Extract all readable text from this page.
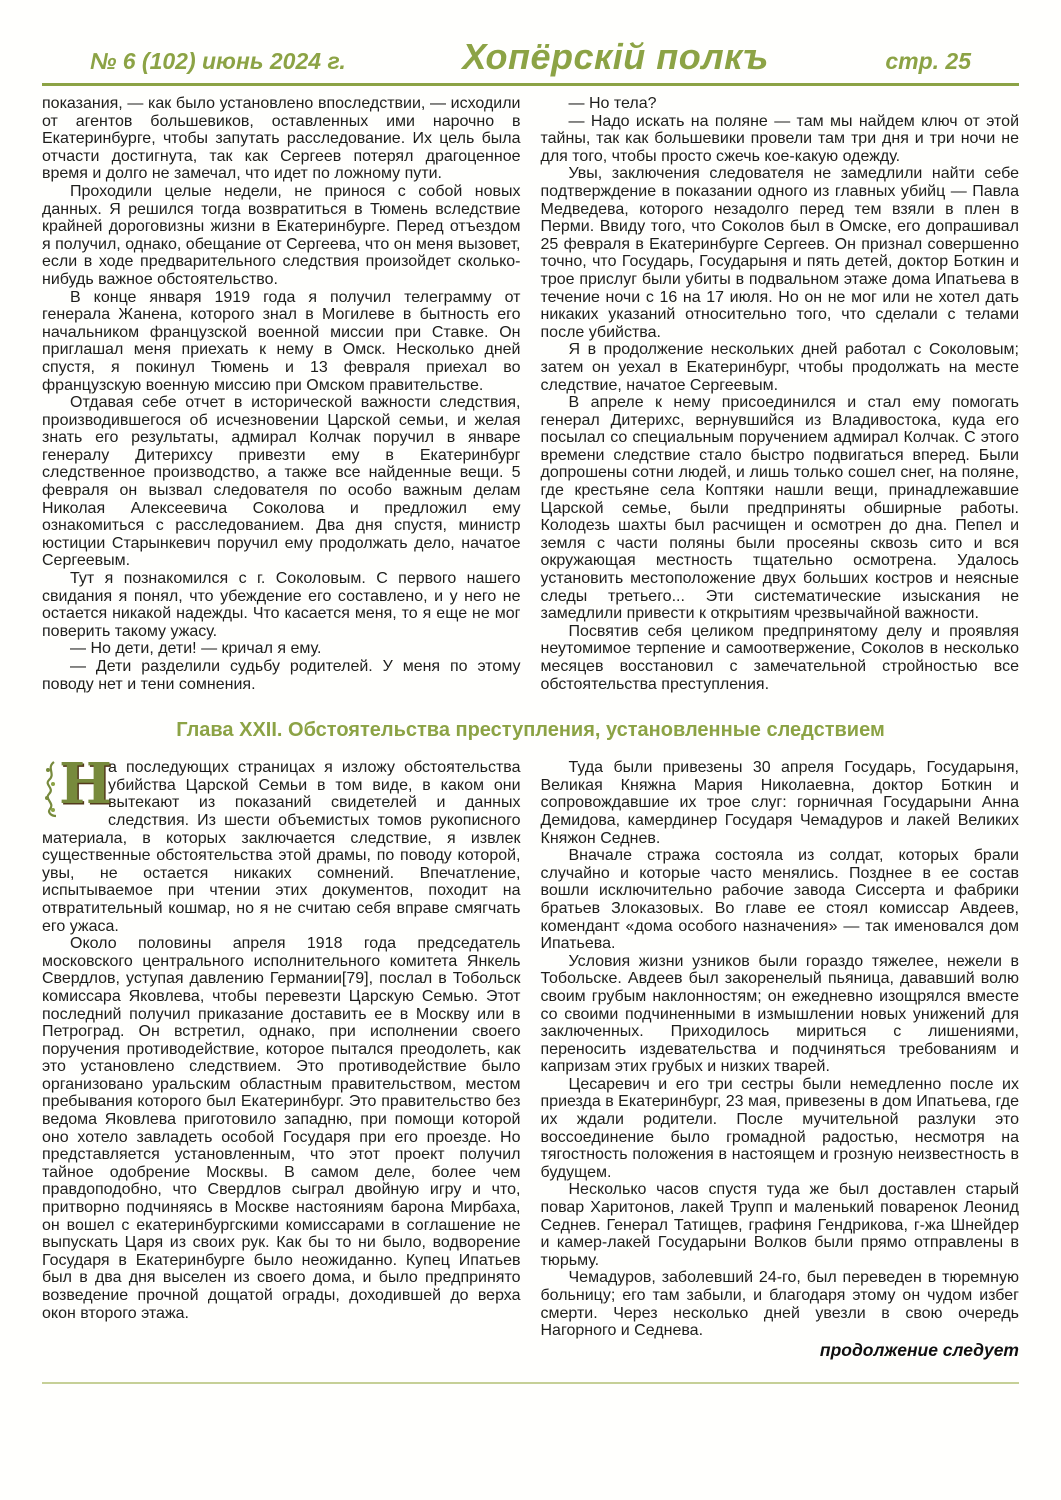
№ 6 (102) июнь 2024 г.	Хопёрскій полкъ	стр. 25

показания, — как было установлено впоследствии, — исходили от агентов большевиков, оставленных ими нарочно в Екатеринбурге, чтобы запутать расследование. Их цель была отчасти достигнута, так как Сергеев потерял драгоценное время и долго не замечал, что идет по ложному пути.

Проходили целые недели, не принося с собой новых данных. Я решился тогда возвратиться в Тюмень вследствие крайней дороговизны жизни в Екатеринбурге. Перед отъездом я получил, однако, обещание от Сергеева, что он меня вызовет, если в ходе предварительного следствия произойдет сколько-нибудь важное обстоятельство.

В конце января 1919 года я получил телеграмму от генерала Жанена, которого знал в Могилеве в бытность его начальником французской военной миссии при Ставке. Он приглашал меня приехать к нему в Омск. Несколько дней спустя, я покинул Тюмень и 13 февраля приехал во французскую военную миссию при Омском правительстве.

Отдавая себе отчет в исторической важности следствия, производившегося об исчезновении Царской семьи, и желая знать его результаты, адмирал Колчак поручил в январе генералу Дитерихсу привезти ему в Екатеринбург следственное производство, а также все найденные вещи. 5 февраля он вызвал следователя по особо важным делам Николая Алексеевича Соколова и предложил ему ознакомиться с расследованием. Два дня спустя, министр юстиции Старынкевич поручил ему продолжать дело, начатое Сергеевым.

Тут я познакомился с г. Соколовым. С первого нашего свидания я понял, что убеждение его составлено, и у него не остается никакой надежды. Что касается меня, то я еще не мог поверить такому ужасу.

— Но дети, дети! — кричал я ему.

— Дети разделили судьбу родителей. У меня по этому поводу нет и тени сомнения.

— Но тела?

— Надо искать на поляне — там мы найдем ключ от этой тайны, так как большевики провели там три дня и три ночи не для того, чтобы просто сжечь кое-какую одежду.

Увы, заключения следователя не замедлили найти себе подтверждение в показании одного из главных убийц — Павла Медведева, которого незадолго перед тем взяли в плен в Перми. Ввиду того, что Соколов был в Омске, его допрашивал 25 февраля в Екатеринбурге Сергеев. Он признал совершенно точно, что Государь, Государыня и пять детей, доктор Боткин и трое прислуг были убиты в подвальном этаже дома Ипатьева в течение ночи с 16 на 17 июля. Но он не мог или не хотел дать никаких указаний относительно того, что сделали с телами после убийства.

Я в продолжение нескольких дней работал с Соколовым; затем он уехал в Екатеринбург, чтобы продолжать на месте следствие, начатое Сергеевым.

В апреле к нему присоединился и стал ему помогать генерал Дитерихс, вернувшийся из Владивостока, куда его посылал со специальным поручением адмирал Колчак. С этого времени следствие стало быстро подвигаться вперед. Были допрошены сотни людей, и лишь только сошел снег, на поляне, где крестьяне села Коптяки нашли вещи, принадлежавшие Царской семье, были предприняты обширные работы. Колодезь шахты был расчищен и осмотрен до дна. Пепел и земля с части поляны были просеяны сквозь сито и вся окружающая местность тщательно осмотрена. Удалось установить местоположение двух больших костров и неясные следы третьего... Эти систематические изыскания не замедлили привести к открытиям чрезвычайной важности.

Посвятив себя целиком предпринятому делу и проявляя неутомимое терпение и самоотвержение, Соколов в несколько месяцев восстановил с замечательной стройностью все обстоятельства преступления.

Глава XXII. Обстоятельства преступления, установленные следствием

Н
а последующих страницах я изложу обстоятельства убийства Царской Семьи в том виде, в каком они вытекают из показаний свидетелей и данных следствия. Из шести объемистых томов рукописного материала, в которых заключается следствие, я извлек существенные обстоятельства этой драмы, по поводу которой, увы, не остается никаких сомнений. Впечатление, испытываемое при чтении этих документов, походит на отвратительный кошмар, но я не считаю себя вправе смягчать его ужаса.

Около половины апреля 1918 года председатель московского центрального исполнительного комитета Янкель Свердлов, уступая давлению Германии[79], послал в Тобольск комиссара Яковлева, чтобы перевезти Царскую Семью. Этот последний получил приказание доставить ее в Москву или в Петроград. Он встретил, однако, при исполнении своего поручения противодействие, которое пытался преодолеть, как это установлено следствием. Это противодействие было организовано уральским областным правительством, местом пребывания которого был Екатеринбург. Это правительство без ведома Яковлева приготовило западню, при помощи которой оно хотело завладеть особой Государя при его проезде. Но представляется установленным, что этот проект получил тайное одобрение Москвы. В самом деле, более чем правдоподобно, что Свердлов сыграл двойную игру и что, притворно подчиняясь в Москве настояниям барона Мирбаха, он вошел с екатеринбургскими комиссарами в соглашение не выпускать Царя из своих рук. Как бы то ни было, водворение Государя в Екатеринбурге было неожиданно. Купец Ипатьев был в два дня выселен из своего дома, и было предпринято возведение прочной дощатой ограды, доходившей до верха окон второго этажа.

Туда были привезены 30 апреля Государь, Государыня, Великая Княжна Мария Николаевна, доктор Боткин и сопровождавшие их трое слуг: горничная Государыни Анна Демидова, камердинер Государя Чемадуров и лакей Великих Княжон Седнев.

Вначале стража состояла из солдат, которых брали случайно и которые часто менялись. Позднее в ее состав вошли исключительно рабочие завода Сиссерта и фабрики братьев Злоказовых. Во главе ее стоял комиссар Авдеев, комендант «дома особого назначения» — так именовался дом Ипатьева.

Условия жизни узников были гораздо тяжелее, нежели в Тобольске. Авдеев был закоренелый пьяница, дававший волю своим грубым наклонностям; он ежедневно изощрялся вместе со своими подчиненными в измышлении новых унижений для заключенных. Приходилось мириться с лишениями, переносить издевательства и подчиняться требованиям и капризам этих грубых и низких тварей.

Цесаревич и его три сестры были немедленно после их приезда в Екатеринбург, 23 мая, привезены в дом Ипатьева, где их ждали родители. После мучительной разлуки это воссоединение было громадной радостью, несмотря на тягостность положения в настоящем и грозную неизвестность в будущем.

Несколько часов спустя туда же был доставлен старый повар Харитонов, лакей Трупп и маленький поваренок Леонид Седнев. Генерал Татищев, графиня Гендрикова, г-жа Шнейдер и камер-лакей Государыни Волков были прямо отправлены в тюрьму.

Чемадуров, заболевший 24-го, был переведен в тюремную больницу; его там забыли, и благодаря этому он чудом избег смерти. Через несколько дней увезли в свою очередь Нагорного и Седнева.

продолжение следует
